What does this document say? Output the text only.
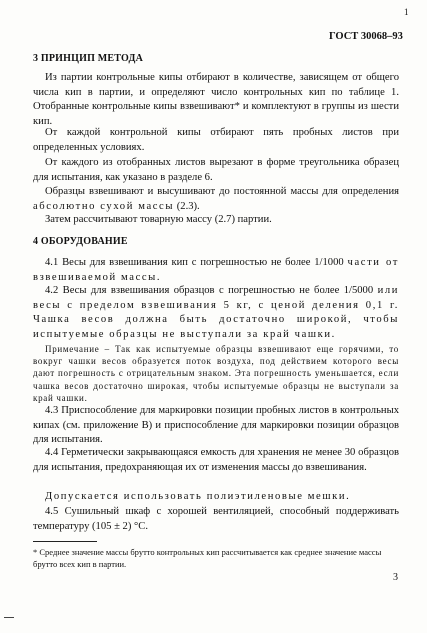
1
ГОСТ 30068–93
3 ПРИНЦИП МЕТОДА
Из партии контрольные кипы отбирают в количестве, зависящем от общего числа кип в партии, и определяют число контрольных кип по таблице 1. Отобранные контрольные кипы взвешивают* и комплектуют в группы из шести кип.
От каждой контрольной кипы отбирают пять пробных листов при определенных условиях.
От каждого из отобранных листов вырезают в форме треугольника образец для испытания, как указано в разделе 6.
Образцы взвешивают и высушивают до постоянной массы для определения абсолютно сухой массы (2.3).
Затем рассчитывают товарную массу (2.7) партии.
4 ОБОРУДОВАНИЕ
4.1 Весы для взвешивания кип с погрешностью не более 1/1000 части от взвешиваемой массы.
4.2 Весы для взвешивания образцов с погрешностью не более 1/5000 или весы с пределом взвешивания 5 кг, с ценой деления 0,1 г. Чашка весов должна быть достаточно широкой, чтобы испытуемые образцы не выступали за край чашки.
Примечание – Так как испытуемые образцы взвешивают еще горячими, то вокруг чашки весов образуется поток воздуха, под действием которого весы дают погрешность с отрицательным знаком. Эта погрешность уменьшается, если чашка весов достаточно широкая, чтобы испытуемые образцы не выступали за край чашки.
4.3 Приспособление для маркировки позиции пробных листов в контрольных кипах (см. приложение В) и приспособление для маркировки позиции образцов для испытания.
4.4 Герметически закрывающаяся емкость для хранения не менее 30 образцов для испытания, предохраняющая их от изменения массы до взвешивания.
Допускается использовать полиэтиленовые мешки.
4.5 Сушильный шкаф с хорошей вентиляцией, способный поддерживать температуру (105 ± 2) °С.
* Среднее значение массы брутто контрольных кип рассчитывается как среднее значение массы брутто всех кип в партии.
3
